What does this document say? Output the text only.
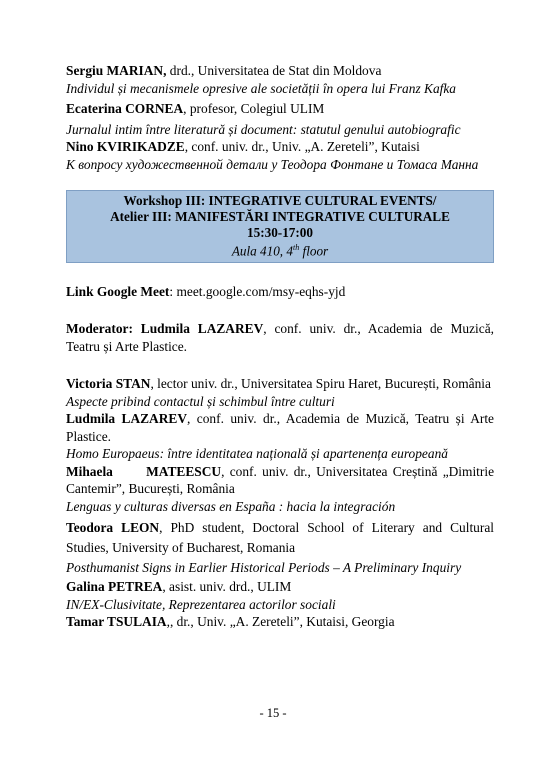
Sergiu MARIAN, drd., Universitatea de Stat din Moldova
Individul și mecanismele opresive ale societății în opera lui Franz Kafka
Ecaterina CORNEA, profesor, Colegiul ULIM
Jurnalul intim între literatură și document: statutul genului autobiografic
Nino KVIRIKADZE, conf. univ. dr., Univ. „A. Zereteli”, Kutaisi
К вопросу художественной детали у Теодора Фонтане и Томаса Манна
Workshop III: INTEGRATIVE CULTURAL EVENTS/
Atelier III: MANIFESTĂRI INTEGRATIVE CULTURALE
15:30-17:00
Aula 410, 4th floor
Link Google Meet: meet.google.com/msy-eqhs-yjd
Moderator: Ludmila LAZAREV, conf. univ. dr., Academia de Muzică, Teatru și Arte Plastice.
Victoria STAN, lector univ. dr., Universitatea Spiru Haret, București, România
Aspecte pribind contactul și schimbul între culturi
Ludmila LAZAREV, conf. univ. dr., Academia de Muzică, Teatru și Arte Plastice.
Homo Europaeus: între identitatea națională și apartenența europeană
Mihaela MATEESCU, conf. univ. dr., Universitatea Creștină „Dimitrie Cantemir”, București, România
Lenguas y culturas diversas en España : hacia la integración
Teodora LEON, PhD student, Doctoral School of Literary and Cultural Studies, University of Bucharest, Romania
Posthumanist Signs in Earlier Historical Periods – A Preliminary Inquiry
Galina PETREA, asist. univ. drd., ULIM
IN/EX-Clusivitate, Reprezentarea actorilor sociali
Tamar TSULAIA,, dr., Univ. „A. Zereteli”, Kutaisi, Georgia
- 15 -
